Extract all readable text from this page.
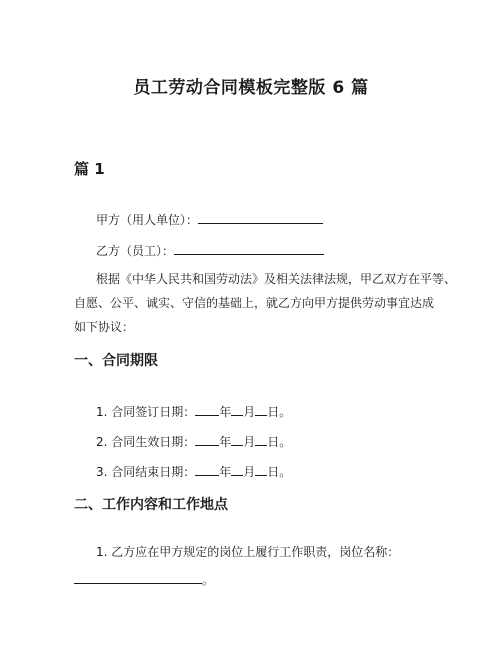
员工劳动合同模板完整版 6 篇
篇 1
甲方（用人单位）：
乙方（员工）：
根据《中华人民共和国劳动法》及相关法律法规，甲乙双方在平等、
自愿、公平、诚实、守信的基础上，就乙方向甲方提供劳动事宜达成
如下协议：
一、合同期限
1. 合同签订日期： 年 月 日。
2. 合同生效日期： 年 月 日。
3. 合同结束日期： 年 月 日。
二、工作内容和工作地点
1. 乙方应在甲方规定的岗位上履行工作职责，岗位名称：
。
